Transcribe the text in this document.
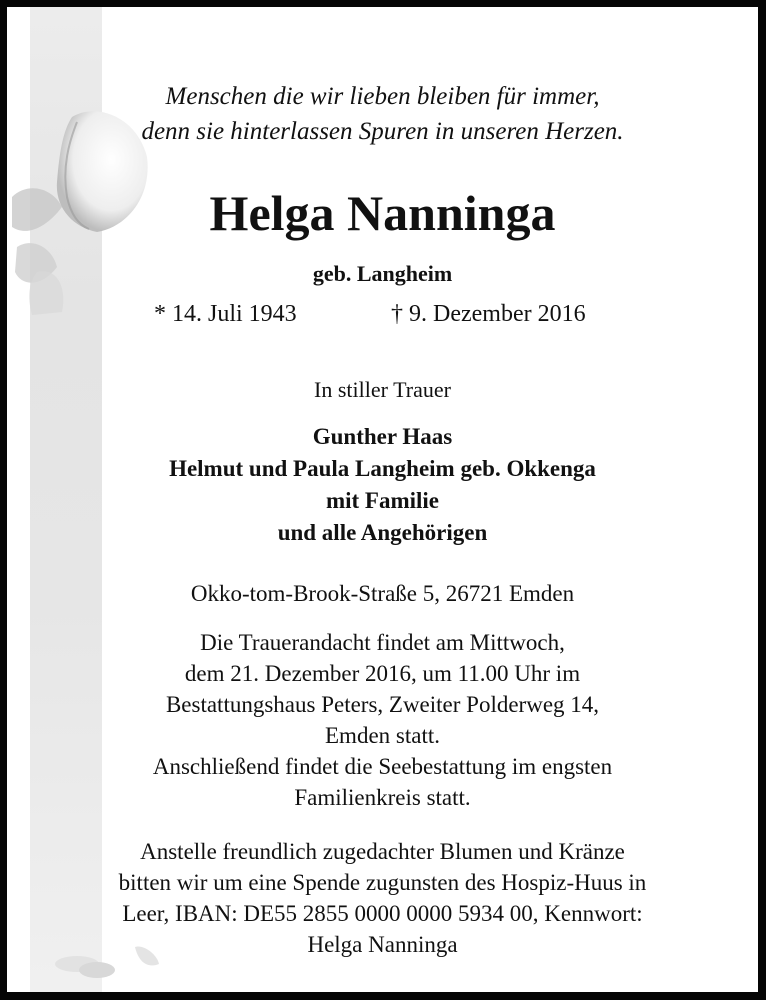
Menschen die wir lieben bleiben für immer,
denn sie hinterlassen Spuren in unseren Herzen.
Helga Nanninga
geb. Langheim
* 14. Juli 1943	† 9. Dezember 2016
In stiller Trauer
Gunther Haas
Helmut und Paula Langheim geb. Okkenga
mit Familie
und alle Angehörigen
Okko-tom-Brook-Straße 5, 26721 Emden
Die Trauerandacht findet am Mittwoch,
dem 21. Dezember 2016, um 11.00 Uhr im
Bestattungshaus Peters, Zweiter Polderweg 14,
Emden statt.
Anschließend findet die Seebestattung im engsten
Familienkreis statt.
Anstelle freundlich zugedachter Blumen und Kränze
bitten wir um eine Spende zugunsten des Hospiz-Huus in
Leer, IBAN: DE55 2855 0000 0000 5934 00, Kennwort:
Helga Nanninga
